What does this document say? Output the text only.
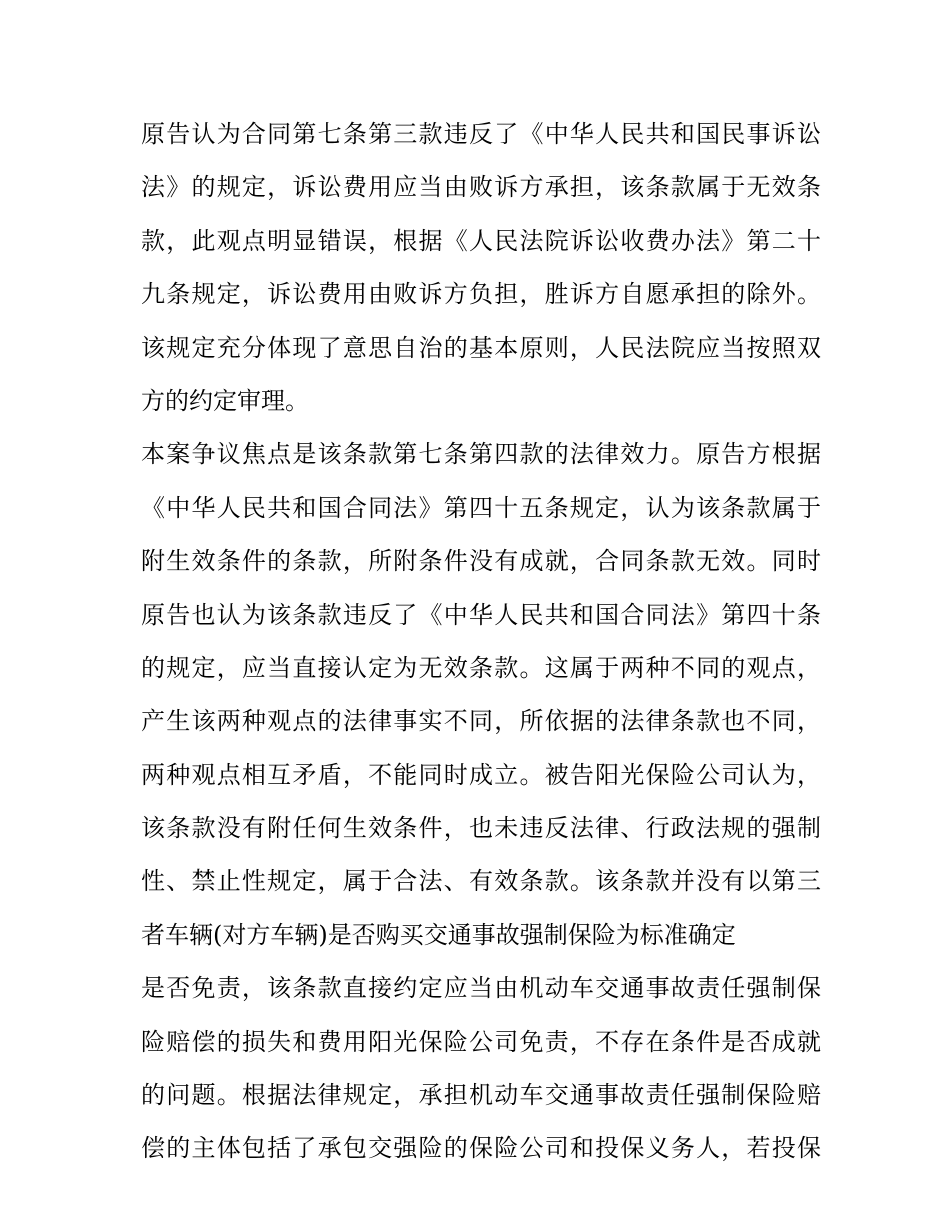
原告认为合同第七条第三款违反了《中华人民共和国民事诉讼
法》的规定，诉讼费用应当由败诉方承担，该条款属于无效条
款，此观点明显错误，根据《人民法院诉讼收费办法》第二十
九条规定，诉讼费用由败诉方负担，胜诉方自愿承担的除外。
该规定充分体现了意思自治的基本原则，人民法院应当按照双
方的约定审理。
本案争议焦点是该条款第七条第四款的法律效力。原告方根据
《中华人民共和国合同法》第四十五条规定，认为该条款属于
附生效条件的条款，所附条件没有成就，合同条款无效。同时
原告也认为该条款违反了《中华人民共和国合同法》第四十条
的规定，应当直接认定为无效条款。这属于两种不同的观点，
产生该两种观点的法律事实不同，所依据的法律条款也不同，
两种观点相互矛盾，不能同时成立。被告阳光保险公司认为，
该条款没有附任何生效条件，也未违反法律、行政法规的强制
性、禁止性规定，属于合法、有效条款。该条款并没有以第三
者车辆(对方车辆)是否购买交通事故强制保险为标准确定
是否免责，该条款直接约定应当由机动车交通事故责任强制保
险赔偿的损失和费用阳光保险公司免责，不存在条件是否成就
的问题。根据法律规定，承担机动车交通事故责任强制保险赔
偿的主体包括了承包交强险的保险公司和投保义务人，若投保
